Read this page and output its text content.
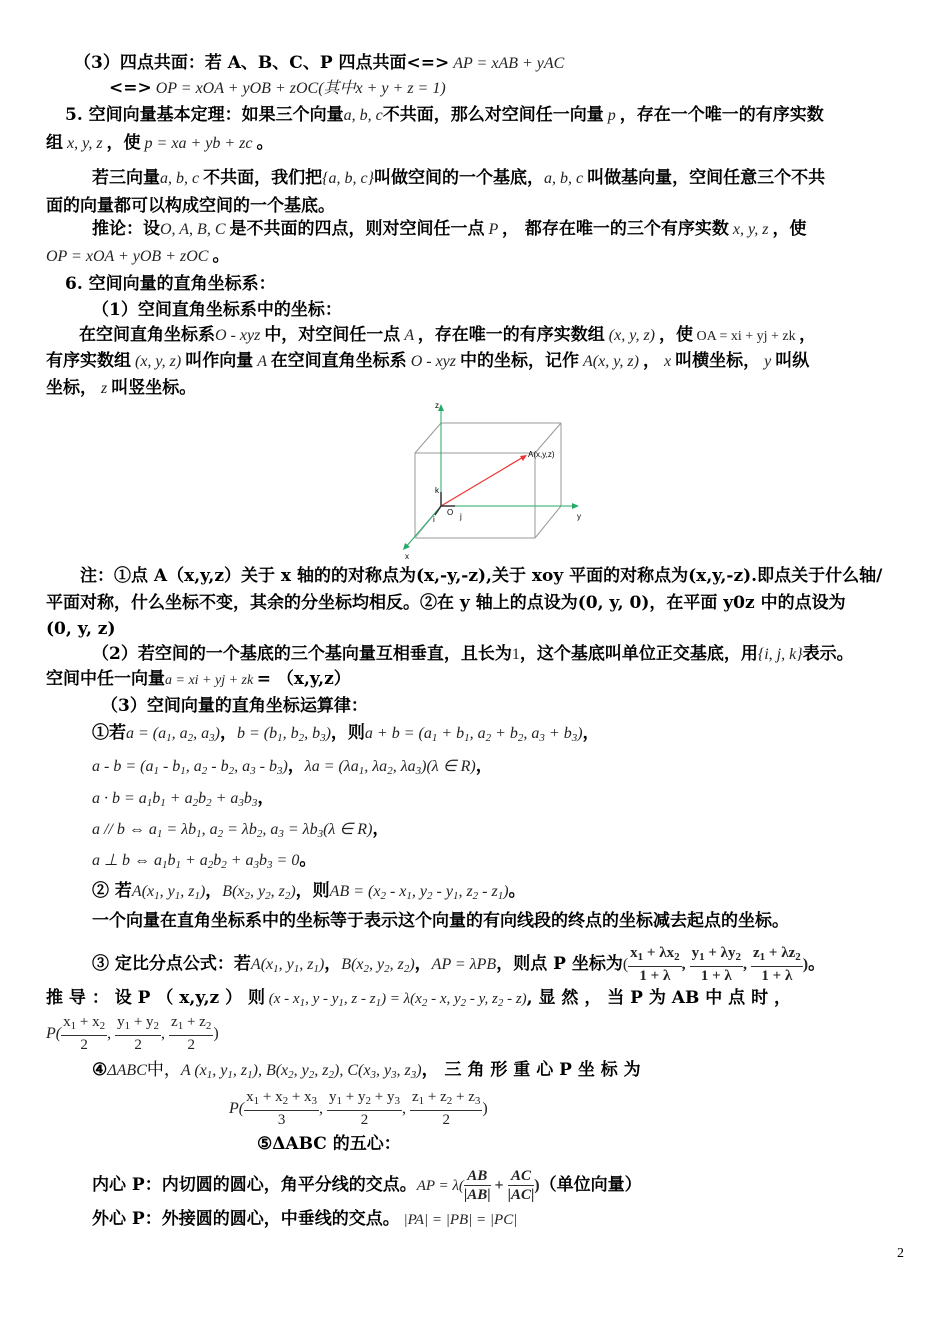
（3）四点共面：若 A、B、C、P 四点共面<=> AP = xAB + yAC
<=> OP = xOA + yOB + zOC(其中x + y + z = 1)
5. 空间向量基本定理：如果三个向量a, b, c不共面，那么对空间任一向量 p ，存在一个唯一的有序实数
组 x, y, z ，使 p = xa + yb + zc 。
若三向量a, b, c 不共面，我们把{a, b, c}叫做空间的一个基底，a, b, c 叫做基向量，空间任意三个不共
面的向量都可以构成空间的一个基底。
推论：设O, A, B, C 是不共面的四点，则对空间任一点 P ， 都存在唯一的三个有序实数 x, y, z ，使
OP = xOA + yOB + zOC 。
6. 空间向量的直角坐标系：
（1）空间直角坐标系中的坐标：
在空间直角坐标系O - xyz 中，对空间任一点 A ，存在唯一的有序实数组 (x, y, z) ，使 OA = xi + yj + zk ，
有序实数组 (x, y, z) 叫作向量 A 在空间直角坐标系 O - xyz 中的坐标，记作 A(x, y, z) ， x 叫横坐标， y 叫纵
坐标， z 叫竖坐标。
z
y
x
A(x,y,z)
k
i	j
O
注：①点 A（x,y,z）关于 x 轴的的对称点为(x,-y,-z),关于 xoy 平面的对称点为(x,y,-z).即点关于什么轴/
平面对称，什么坐标不变，其余的分坐标均相反。②在 y 轴上的点设为(0, y, 0)，在平面 y0z 中的点设为
(0, y, z)
（2）若空间的一个基底的三个基向量互相垂直，且长为1，这个基底叫单位正交基底，用{i, j, k}表示。
空间中任一向量a = xi + yj + zk = （x,y,z）
（3）空间向量的直角坐标运算律：
①若$a = (a_1$, $a_2$, $a_3$)，$b = (b_1$, $b_2$, $b_3$)，则$a + b = (a_1 + b_1$, $a_2 + b_2$, $a_3 + b_3$)，
$a - b = (a_1 - b_1$, $a_2 - b_2$, $a_3 - b_3$)，$\lambda a = (\lambda a_1$, $\lambda a_2$, $\lambda a_3)(\lambda$ ∈ R)，
$a \cdot b = a_1b_1 + a_2b_2 + a_3b_3$，
a // b ⇔ $a_1 = \lambda b_1$, $a_2 = \lambda b_2$, $a_3 = \lambda b_3(\lambda$ ∈ R)，
a ⊥ b ⇔ $a_1b_1 + a_2b_2 + a_3b_3 = 0$。
② 若$A(x_1$, $y_1$, $z_1$)，$B(x_2$, $y_2$, $z_2$)，则AB = ($x_2 - x_1$, $y_2 - y_1$, $z_2 - z_1$)。
一个向量在直角坐标系中的坐标等于表示这个向量的有向线段的终点的坐标减去起点的坐标。
③ 定比分点公式：若$A(x_1$, $y_1$, $z_1$)，$B(x_2$, $y_2$, $z_2$)，AP = λPB，则点 P 坐标为( $\frac{x_1 + \lambda x_2}{1 + \lambda}$ , $\frac{y_1 + \lambda y_2}{1 + \lambda}$ , $\frac{z_1 + \lambda z_2}{1 + \lambda}$ )。
推 导 ： 设 P （ x,y,z ） 则 ($x - x_1$, y - $y_1$, $z - z_1) = \lambda(x_2 - x$, $y_2$ - y, $z_2 - z$), 显 然 ， 当 P 为 AB 中 点 时 ，
$P( \frac{x_1 + x_2}{2}$ , $\frac{y_1 + y_2}{2}$ , $\frac{z_1 + z_2}{2}$ )
④ΔABC中，A ($x_1$, $y_1$, $z_1$), $B(x_2$, $y_2$, $z_2$), $C(x_3$, $y_3$, $z_3$)， 三 角 形 重 心 P 坐 标 为
$P( \frac{x_1 + x_2 + x_3}{3}$ , $\frac{y_1 + y_2 + y_3}{2}$ , $\frac{z_1 + z_2 + z_3}{2}$ )
⑤ΔABC 的五心：
内心 P：内切圆的圆心，角平分线的交点。AP = $\lambda( \frac{AB}{|AB|} + \frac{AC}{|AC|}$ )（单位向量）
外心 P：外接圆的圆心，中垂线的交点。 |PA| = |PB| = |PC|
2
